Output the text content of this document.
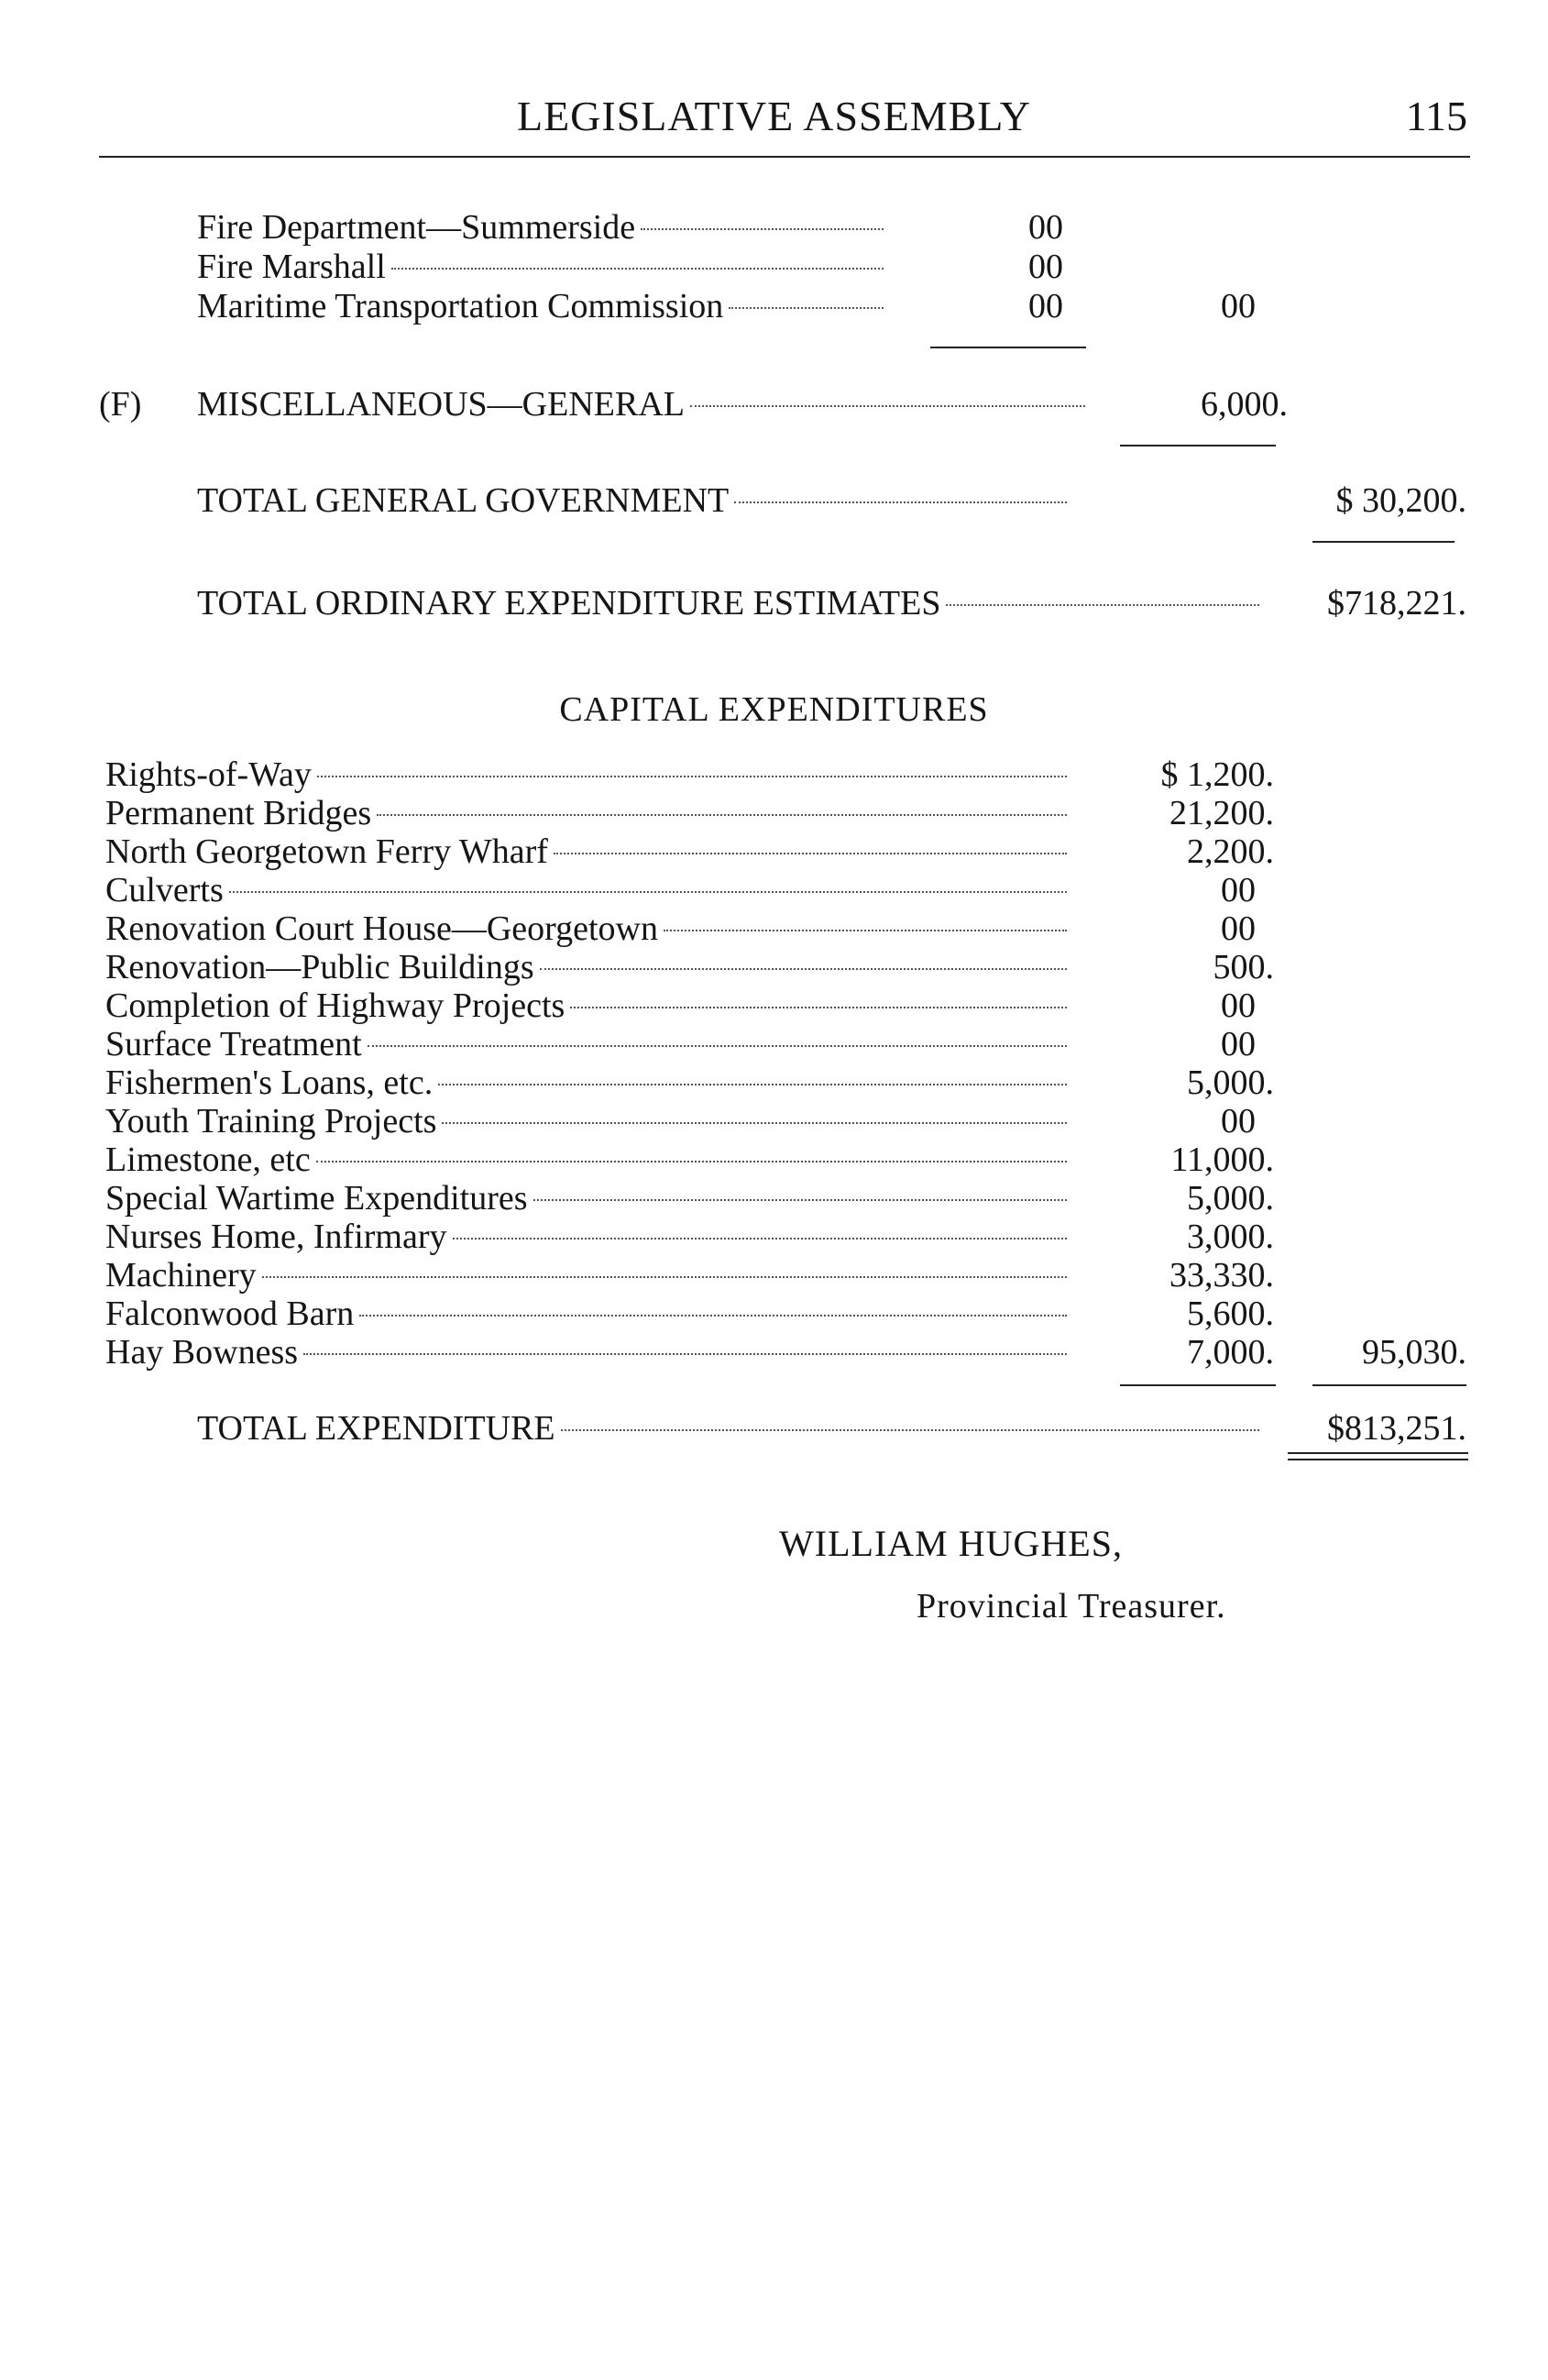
LEGISLATIVE ASSEMBLY	115
Fire Department—Summerside	00
Fire Marshall	00
Maritime Transportation Commission	00	00
(F) MISCELLANEOUS—GENERAL	6,000.
TOTAL GENERAL GOVERNMENT	$ 30,200.
TOTAL ORDINARY EXPENDITURE ESTIMATES	$718,221.
CAPITAL EXPENDITURES
Rights-of-Way	$ 1,200.
Permanent Bridges	21,200.
North Georgetown Ferry Wharf	2,200.
Culverts	00
Renovation Court House—Georgetown	00
Renovation—Public Buildings	500.
Completion of Highway Projects	00
Surface Treatment	00
Fishermen's Loans, etc.	5,000.
Youth Training Projects	00
Limestone, etc	11,000.
Special Wartime Expenditures	5,000.
Nurses Home, Infirmary	3,000.
Machinery	33,330.
Falconwood Barn	5,600.
Hay Bowness	7,000.	95,030.
TOTAL EXPENDITURE	$813,251.
WILLIAM HUGHES,
Provincial Treasurer.
